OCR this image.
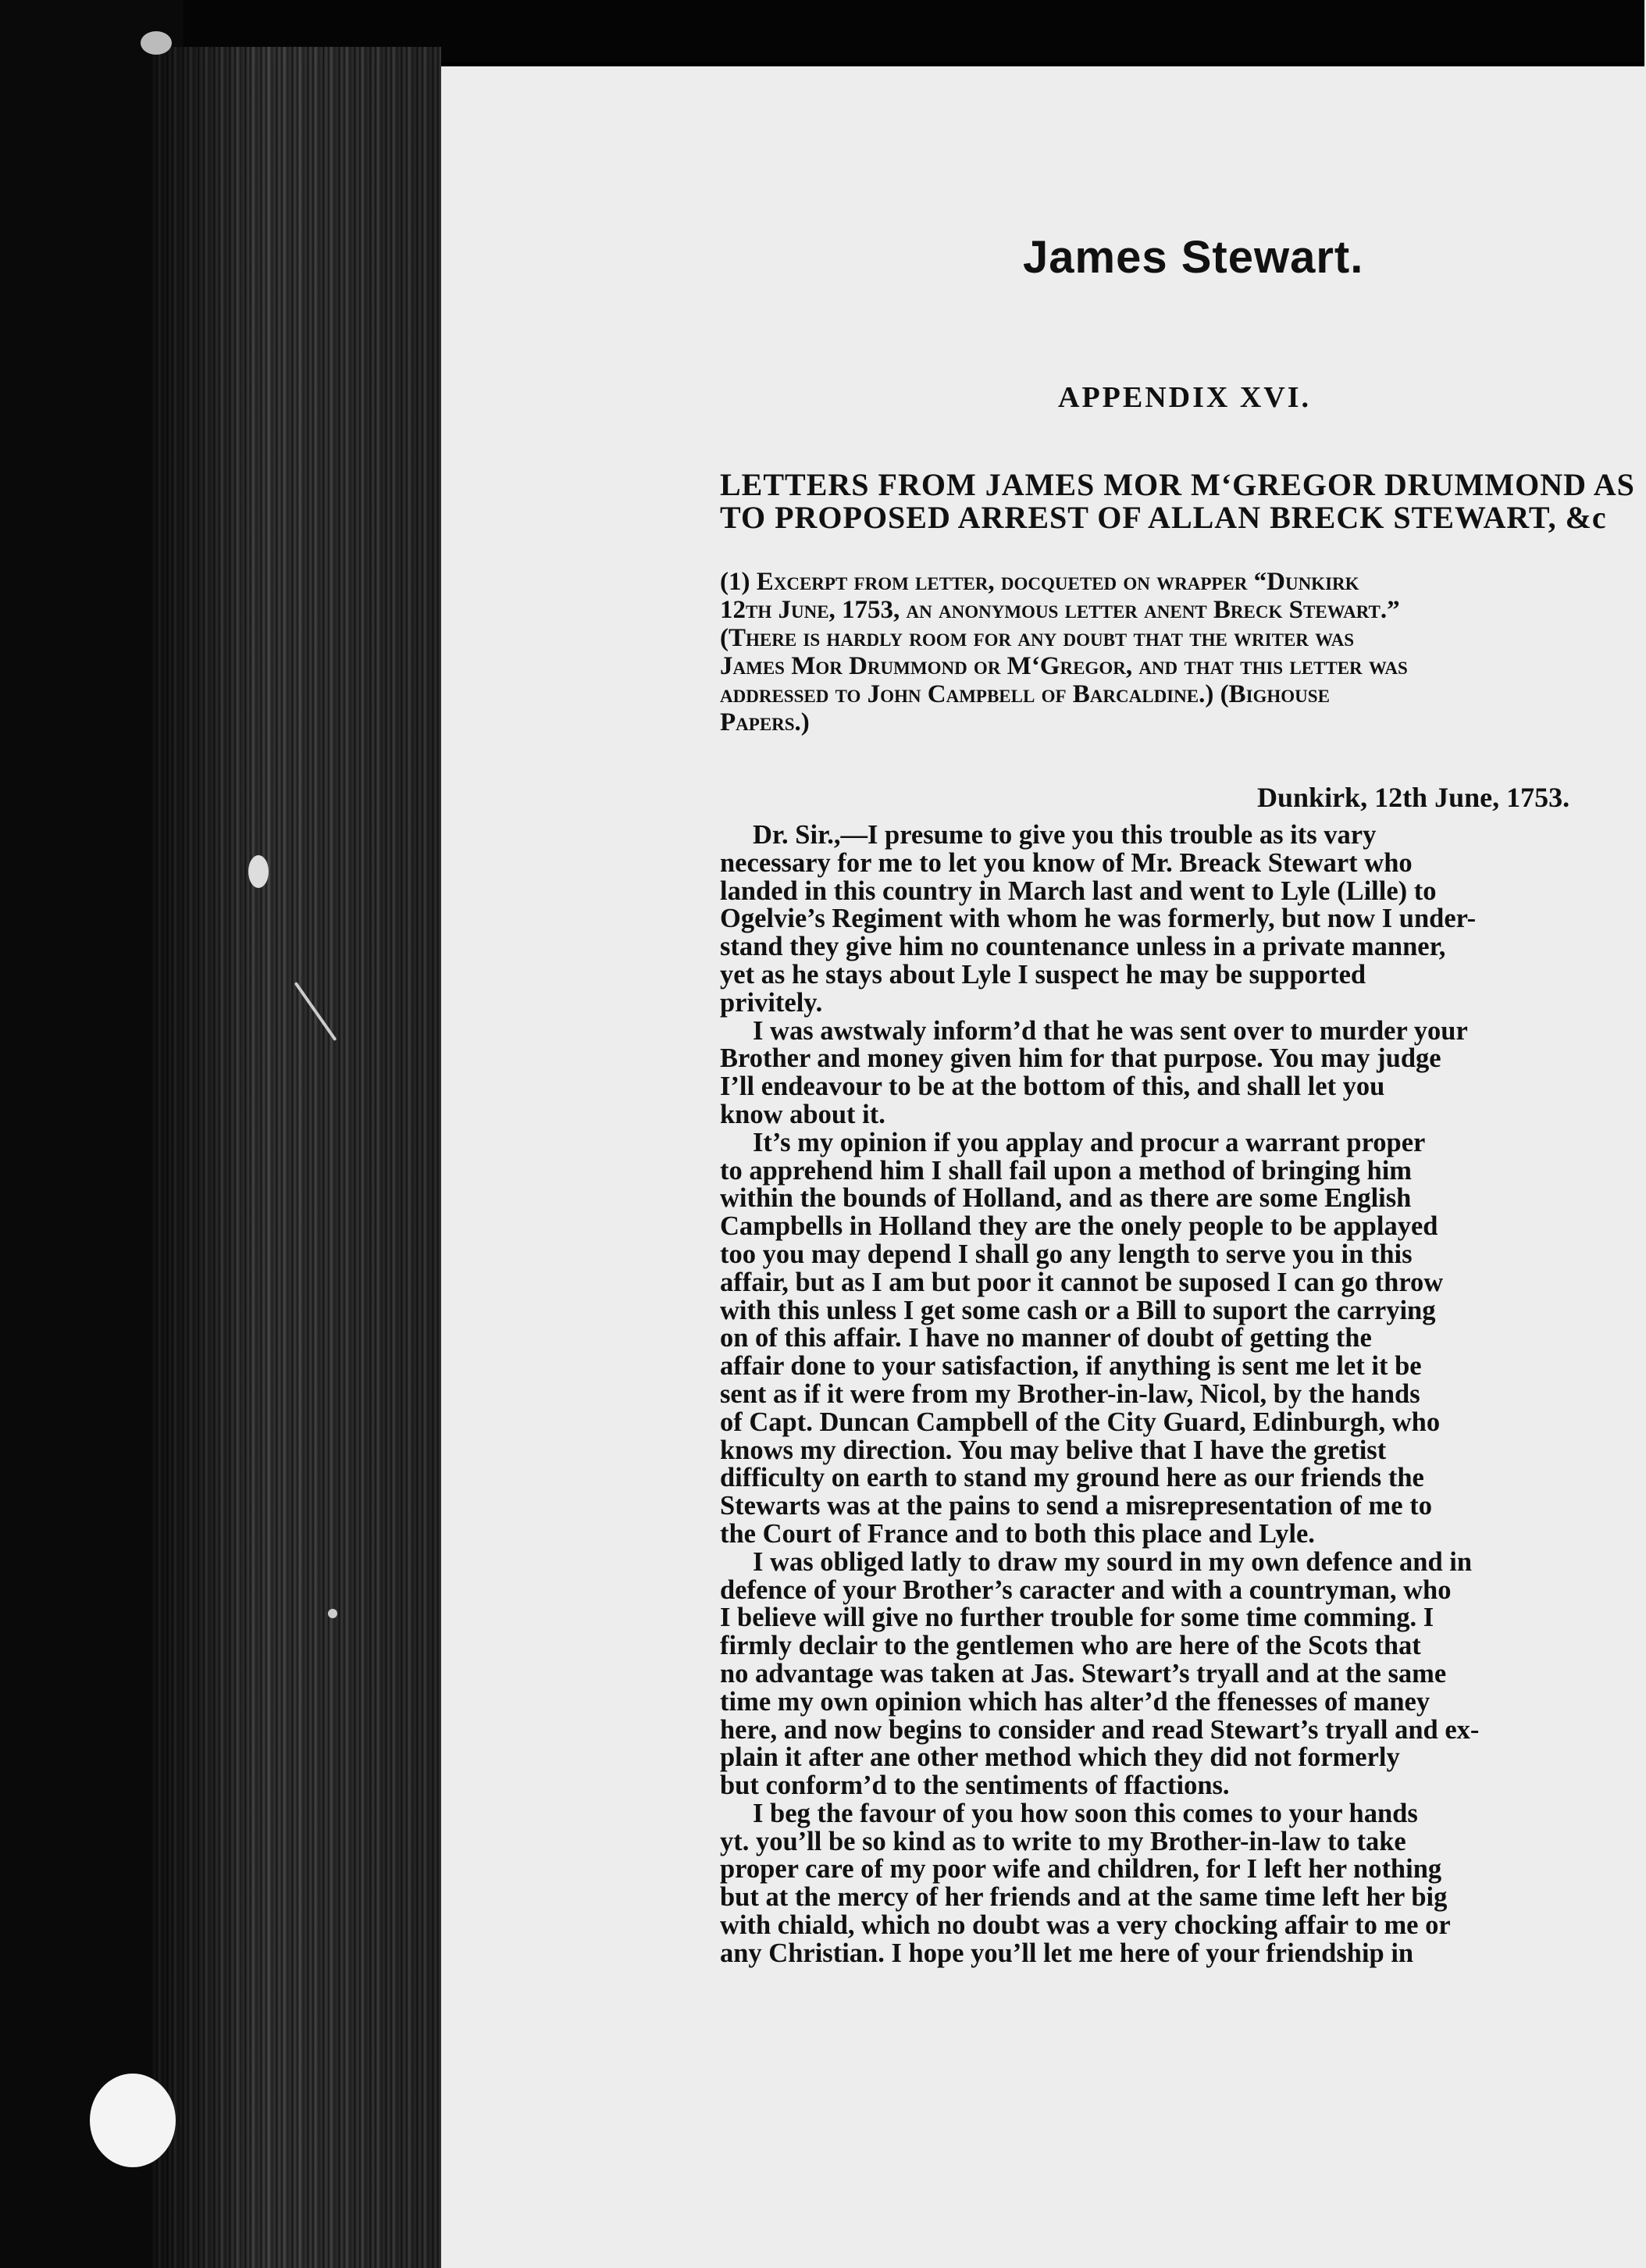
James Stewart.
APPENDIX XVI.
LETTERS FROM JAMES MOR M‘GREGOR DRUMMOND AS
TO PROPOSED ARREST OF ALLAN BRECK STEWART, &c
(1) Excerpt from letter, docqueted on wrapper “Dunkirk
12th June, 1753, an anonymous letter anent Breck Stewart.”
(There is hardly room for any doubt that the writer was
James Mor Drummond or M‘Gregor, and that this letter was
addressed to John Campbell of Barcaldine.) (Bighouse
Papers.)
Dunkirk, 12th June, 1753.
Dr. Sir.,—I presume to give you this trouble as its vary
necessary for me to let you know of Mr. Breack Stewart who
landed in this country in March last and went to Lyle (Lille) to
Ogelvie’s Regiment with whom he was formerly, but now I under-
stand they give him no countenance unless in a private manner,
yet as he stays about Lyle I suspect he may be supported
privitely.
I was awstwaly inform’d that he was sent over to murder your
Brother and money given him for that purpose. You may judge
I’ll endeavour to be at the bottom of this, and shall let you
know about it.
It’s my opinion if you applay and procur a warrant proper
to apprehend him I shall fail upon a method of bringing him
within the bounds of Holland, and as there are some English
Campbells in Holland they are the onely people to be applayed
too you may depend I shall go any length to serve you in this
affair, but as I am but poor it cannot be suposed I can go throw
with this unless I get some cash or a Bill to suport the carrying
on of this affair. I have no manner of doubt of getting the
affair done to your satisfaction, if anything is sent me let it be
sent as if it were from my Brother-in-law, Nicol, by the hands
of Capt. Duncan Campbell of the City Guard, Edinburgh, who
knows my direction. You may belive that I have the gretist
difficulty on earth to stand my ground here as our friends the
Stewarts was at the pains to send a misrepresentation of me to
the Court of France and to both this place and Lyle.
I was obliged latly to draw my sourd in my own defence and in
defence of your Brother’s caracter and with a countryman, who
I believe will give no further trouble for some time comming. I
firmly declair to the gentlemen who are here of the Scots that
no advantage was taken at Jas. Stewart’s tryall and at the same
time my own opinion which has alter’d the ffenesses of maney
here, and now begins to consider and read Stewart’s tryall and ex-
plain it after ane other method which they did not formerly
but conform’d to the sentiments of ffactions.
I beg the favour of you how soon this comes to your hands
yt. you’ll be so kind as to write to my Brother-in-law to take
proper care of my poor wife and children, for I left her nothing
but at the mercy of her friends and at the same time left her big
with chiald, which no doubt was a very chocking affair to me or
any Christian. I hope you’ll let me here of your friendship in
